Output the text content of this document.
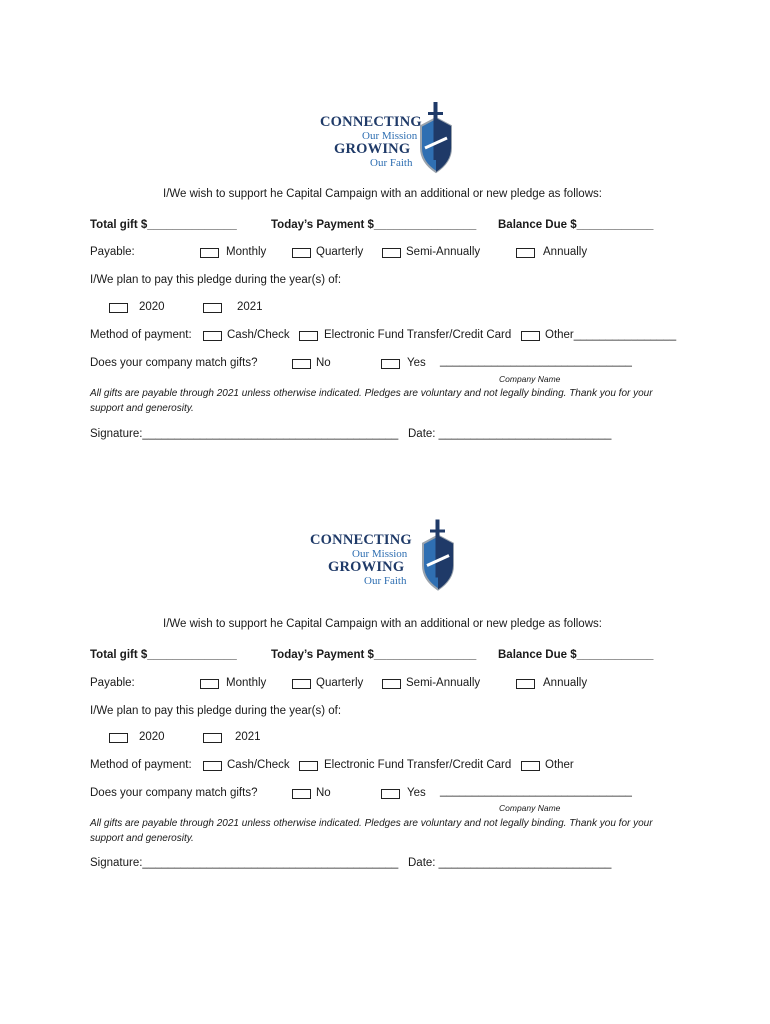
CONNECTING
Our Mission
GROWING
Our Faith
I/We wish to support he Capital Campaign with an additional or new pledge as follows:
Total gift $______________	Today’s Payment $________________ Balance Due $____________
Payable:	Monthly	Quarterly	Semi-Annually	Annually
I/We plan to pay this pledge during the year(s) of:
2020	2021
Method of payment:	Cash/Check	Electronic Fund Transfer/Credit Card	Other________________
Does your company match gifts?	No	Yes ______________________________
Company Name
All gifts are payable through 2021 unless otherwise indicated. Pledges are voluntary and not legally binding. Thank you for your support and generosity.
Signature:________________________________________ Date: ___________________________
CONNECTING
Our Mission
GROWING
Our Faith
I/We wish to support he Capital Campaign with an additional or new pledge as follows:
Total gift $______________	Today’s Payment $________________ Balance Due $____________
Payable:	Monthly	Quarterly	Semi-Annually	Annually
I/We plan to pay this pledge during the year(s) of:
2020	2021
Method of payment:	Cash/Check	Electronic Fund Transfer/Credit Card	Other
Does your company match gifts?	No	Yes ______________________________
Company Name
All gifts are payable through 2021 unless otherwise indicated. Pledges are voluntary and not legally binding. Thank you for your support and generosity.
Signature:________________________________________ Date: ___________________________
